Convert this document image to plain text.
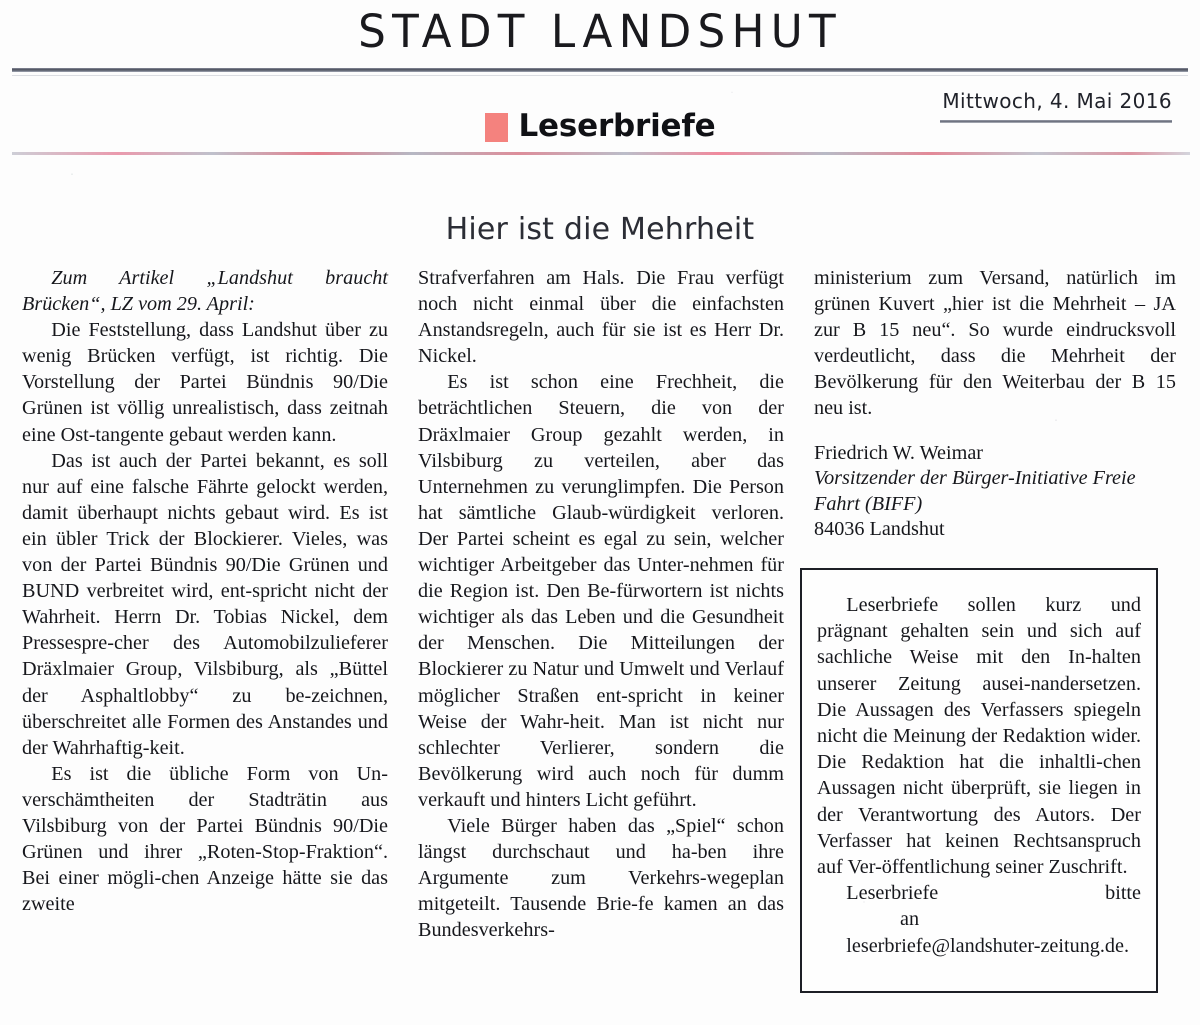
STADT LANDSHUT
Mittwoch, 4. Mai 2016
Leserbriefe
Hier ist die Mehrheit

Zum Artikel „Landshut braucht Brücken“, LZ vom 29. April:

Die Feststellung, dass Landshut über zu wenig Brücken verfügt, ist richtig. Die Vorstellung der Partei Bündnis 90/Die Grünen ist völlig unrealistisch, dass zeitnah eine Ost-tangente gebaut werden kann.

Das ist auch der Partei bekannt, es soll nur auf eine falsche Fährte gelockt werden, damit überhaupt nichts gebaut wird. Es ist ein übler Trick der Blockierer. Vieles, was von der Partei Bündnis 90/Die Grünen und BUND verbreitet wird, ent-spricht nicht der Wahrheit. Herrn Dr. Tobias Nickel, dem Pressespre-cher des Automobilzulieferer Dräxlmaier Group, Vilsbiburg, als „Büttel der Asphaltlobby“ zu be-zeichnen, überschreitet alle Formen des Anstandes und der Wahrhaftig-keit.

Es ist die übliche Form von Un-verschämtheiten der Stadträtin aus Vilsbiburg von der Partei Bündnis 90/Die Grünen und ihrer „Roten-Stop-Fraktion“. Bei einer mögli-chen Anzeige hätte sie das zweite

Strafverfahren am Hals. Die Frau verfügt noch nicht einmal über die einfachsten Anstandsregeln, auch für sie ist es Herr Dr. Nickel.

Es ist schon eine Frechheit, die beträchtlichen Steuern, die von der Dräxlmaier Group gezahlt werden, in Vilsbiburg zu verteilen, aber das Unternehmen zu verunglimpfen. Die Person hat sämtliche Glaub-würdigkeit verloren. Der Partei scheint es egal zu sein, welcher wichtiger Arbeitgeber das Unter-nehmen für die Region ist. Den Be-fürwortern ist nichts wichtiger als das Leben und die Gesundheit der Menschen. Die Mitteilungen der Blockierer zu Natur und Umwelt und Verlauf möglicher Straßen ent-spricht in keiner Weise der Wahr-heit. Man ist nicht nur schlechter Verlierer, sondern die Bevölkerung wird auch noch für dumm verkauft und hinters Licht geführt.

Viele Bürger haben das „Spiel“ schon längst durchschaut und ha-ben ihre Argumente zum Verkehrs-wegeplan mitgeteilt. Tausende Brie-fe kamen an das Bundesverkehrs-

ministerium zum Versand, natürlich im grünen Kuvert „hier ist die Mehrheit – JA zur B 15 neu“. So wurde eindrucksvoll verdeutlicht, dass die Mehrheit der Bevölkerung für den Weiterbau der B 15 neu ist.

Friedrich W. Weimar
Vorsitzender der Bürger-Initiative Freie Fahrt (BIFF)
84036 Landshut

Leserbriefe sollen kurz und prägnant gehalten sein und sich auf sachliche Weise mit den In-halten unserer Zeitung ausei-nandersetzen. Die Aussagen des Verfassers spiegeln nicht die Meinung der Redaktion wider. Die Redaktion hat die inhaltli-chen Aussagen nicht überprüft, sie liegen in der Verantwortung des Autors. Der Verfasser hat keinen Rechtsanspruch auf Ver-öffentlichung seiner Zuschrift.

Leserbriefe	bitte  an

leserbriefe@landshuter-zeitung.de.
